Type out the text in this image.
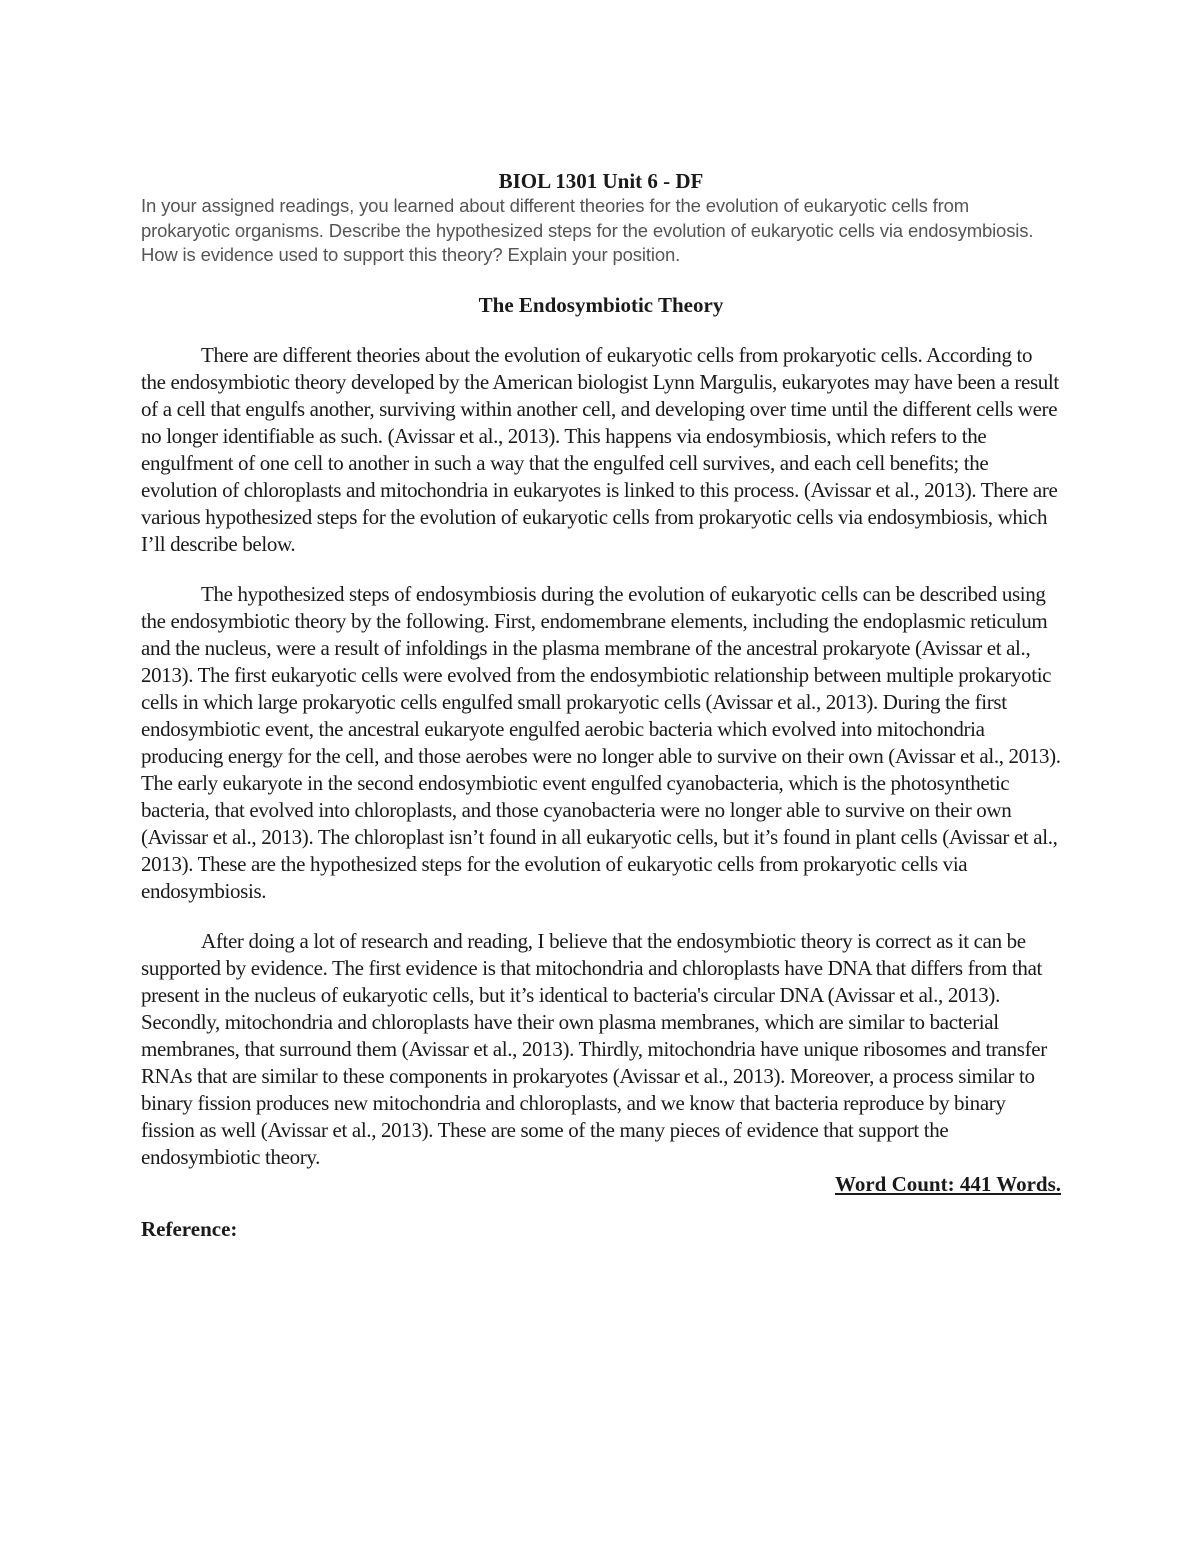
BIOL 1301 Unit 6 - DF

In your assigned readings, you learned about different theories for the evolution of eukaryotic cells from prokaryotic organisms. Describe the hypothesized steps for the evolution of eukaryotic cells via endosymbiosis. How is evidence used to support this theory? Explain your position.

The Endosymbiotic Theory

There are different theories about the evolution of eukaryotic cells from prokaryotic cells. According to the endosymbiotic theory developed by the American biologist Lynn Margulis, eukaryotes may have been a result of a cell that engulfs another, surviving within another cell, and developing over time until the different cells were no longer identifiable as such. (Avissar et al., 2013). This happens via endosymbiosis, which refers to the engulfment of one cell to another in such a way that the engulfed cell survives, and each cell benefits; the evolution of chloroplasts and mitochondria in eukaryotes is linked to this process. (Avissar et al., 2013). There are various hypothesized steps for the evolution of eukaryotic cells from prokaryotic cells via endosymbiosis, which I’ll describe below.

The hypothesized steps of endosymbiosis during the evolution of eukaryotic cells can be described using the endosymbiotic theory by the following. First, endomembrane elements, including the endoplasmic reticulum and the nucleus, were a result of infoldings in the plasma membrane of the ancestral prokaryote (Avissar et al., 2013). The first eukaryotic cells were evolved from the endosymbiotic relationship between multiple prokaryotic cells in which large prokaryotic cells engulfed small prokaryotic cells (Avissar et al., 2013). During the first endosymbiotic event, the ancestral eukaryote engulfed aerobic bacteria which evolved into mitochondria producing energy for the cell, and those aerobes were no longer able to survive on their own (Avissar et al., 2013). The early eukaryote in the second endosymbiotic event engulfed cyanobacteria, which is the photosynthetic bacteria, that evolved into chloroplasts, and those cyanobacteria were no longer able to survive on their own (Avissar et al., 2013). The chloroplast isn’t found in all eukaryotic cells, but it’s found in plant cells (Avissar et al., 2013). These are the hypothesized steps for the evolution of eukaryotic cells from prokaryotic cells via endosymbiosis.

After doing a lot of research and reading, I believe that the endosymbiotic theory is correct as it can be supported by evidence. The first evidence is that mitochondria and chloroplasts have DNA that differs from that present in the nucleus of eukaryotic cells, but it’s identical to bacteria's circular DNA (Avissar et al., 2013). Secondly, mitochondria and chloroplasts have their own plasma membranes, which are similar to bacterial membranes, that surround them (Avissar et al., 2013). Thirdly, mitochondria have unique ribosomes and transfer RNAs that are similar to these components in prokaryotes (Avissar et al., 2013). Moreover, a process similar to binary fission produces new mitochondria and chloroplasts, and we know that bacteria reproduce by binary fission as well (Avissar et al., 2013). These are some of the many pieces of evidence that support the endosymbiotic theory.

Word Count: 441 Words.

Reference:
